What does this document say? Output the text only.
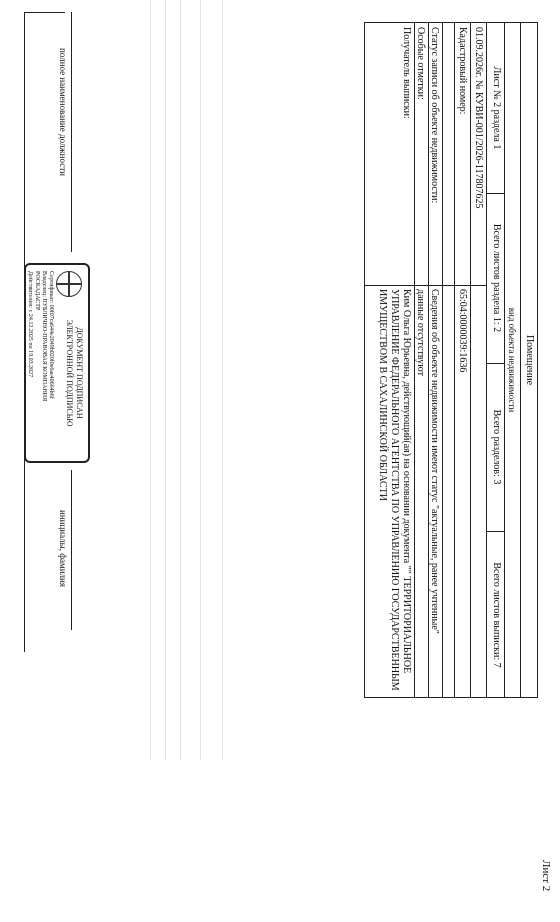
Лист 2
Помещение
вид объекта недвижимости
Лист № 2 раздела 1
Всего листов раздела 1: 2
Всего разделов: 3
Всего листов выписки: 7
01.09.2026г. № КУВИ-001/2026-117807625
Кадастровый номер:
65:04:0000039:1636
Статус записи об объекте недвижимости:
Сведения об объекте недвижимости имеют статус "актуальные, ранее учтенные"
Особые отметки:
данные отсутствуют
Получатель выписки:
Ким Ольга Юрьевна, действующий(ая) на основании документа "" ТЕРРИТОРИАЛЬНОЕ УПРАВЛЕНИЕ ФЕДЕРАЛЬНОГО АГЕНТСТВА ПО УПРАВЛЕНИЮ ГОСУДАРСТВЕННЫМ ИМУЩЕСТВОМ В САХАЛИНСКОЙ ОБЛАСТИ
полное наименование должности
инициалы, фамилия
ДОКУМЕНТ ПОДПИСАН
ЭЛЕКТРОННОЙ ПОДПИСЬЮ
Сертификат: 00f07ca644e2049b020f0e6ae40664b6f
Владелец: ПУБЛИЧНО-ПРАВОВАЯ КОМПАНИЯ
РОСКАДАСТР
Действителен: с 24.12.2025 по 19.03.2027
